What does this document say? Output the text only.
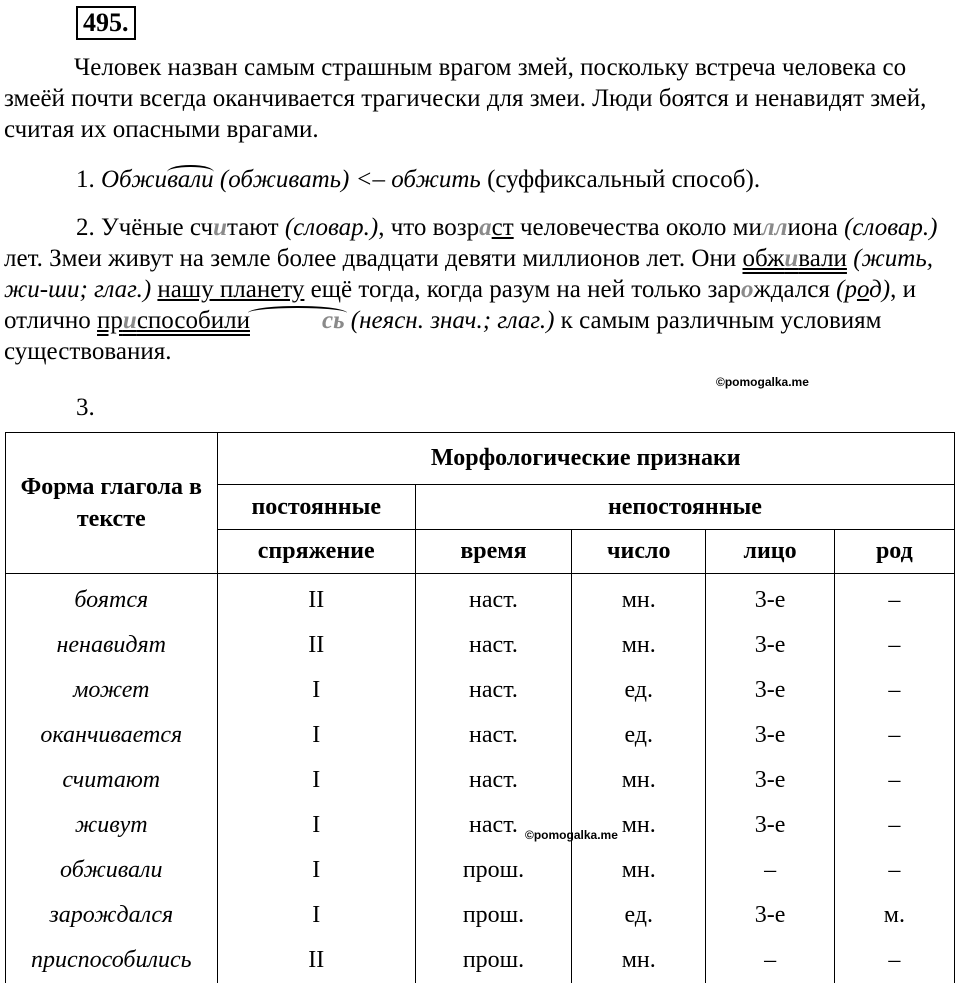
495.
Человек назван самым страшным врагом змей, поскольку встреча человека со змеёй почти всегда оканчивается трагически для змеи. Люди боятся и ненавидят змей, считая их опасными врагами.
1. Обживали (обживать) <– обжить (суффиксальный способ).
2. Учёные считают (словар.), что возраст человечества около миллиона (словар.) лет. Змеи живут на земле более двадцати девяти миллионов лет. Они обживали (жить, жи-ши; глаг.) нашу планету ещё тогда, когда разум на ней только зарождался (род), и отлично приспособили	сь (неясн. знач.; глаг.) к самым различным условиям существования.
©pomogalka.me
3.
Форма глагола в тексте	Морфологические признаки				
	постоянные	непостоянные			
	спряжение	время	число	лицо	род
боятся	II	наст.	мн.	3-е	–
ненавидят	II	наст.	мн.	3-е	–
может	I	наст.	ед.	3-е	–
оканчивается	I	наст.	ед.	3-е	–
считают	I	наст.	мн.	3-е	–
живут	I	наст.	мн.	3-е	–
обживали	I	прош.	мн.	–	–
зарождался	I	прош.	ед.	3-е	м.
приспособились	II	прош.	мн.	–	–
©pomogalka.me
